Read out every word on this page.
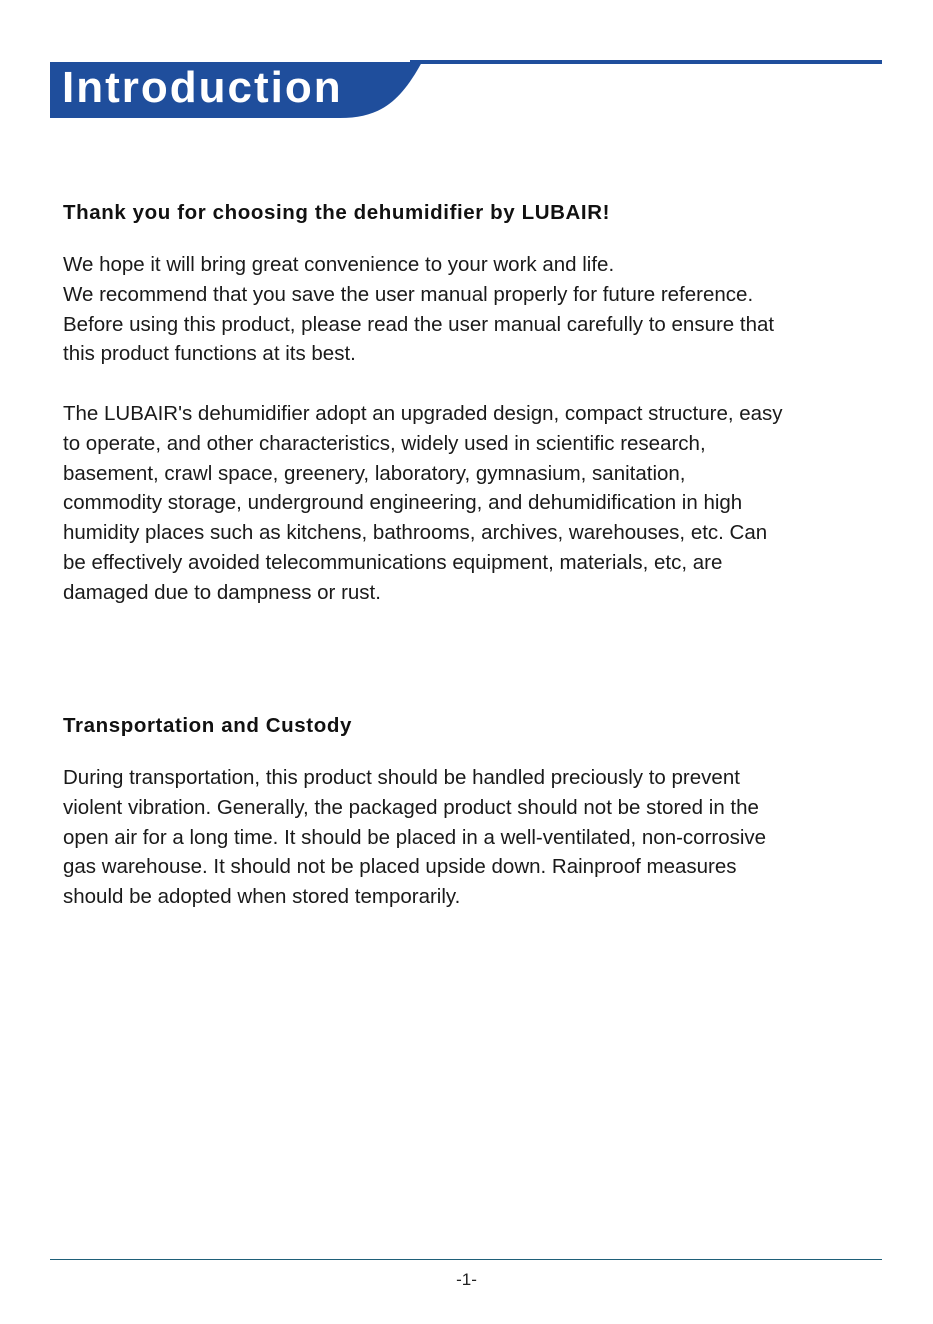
Introduction
Thank you for choosing the dehumidifier by LUBAIR!
We hope it will bring great convenience to your work and life.
We recommend that you save the user manual properly for future reference.
Before using this product, please read the user manual carefully to ensure that
this product functions at its best.
The LUBAIR's dehumidifier adopt an upgraded design, compact structure, easy
to operate, and other characteristics, widely used in scientific research,
basement, crawl space, greenery, laboratory, gymnasium, sanitation,
commodity storage, underground engineering, and dehumidification in high
humidity places such as kitchens, bathrooms, archives, warehouses, etc. Can
be effectively avoided telecommunications equipment, materials, etc, are
damaged due to dampness or rust.
Transportation and Custody
During transportation, this product should be handled preciously to prevent
violent vibration. Generally, the packaged product should not be stored in the
open air for a long time. It should be placed in a well-ventilated, non-corrosive
gas warehouse. It should not be placed upside down. Rainproof measures
should be adopted when stored temporarily.
-1-
